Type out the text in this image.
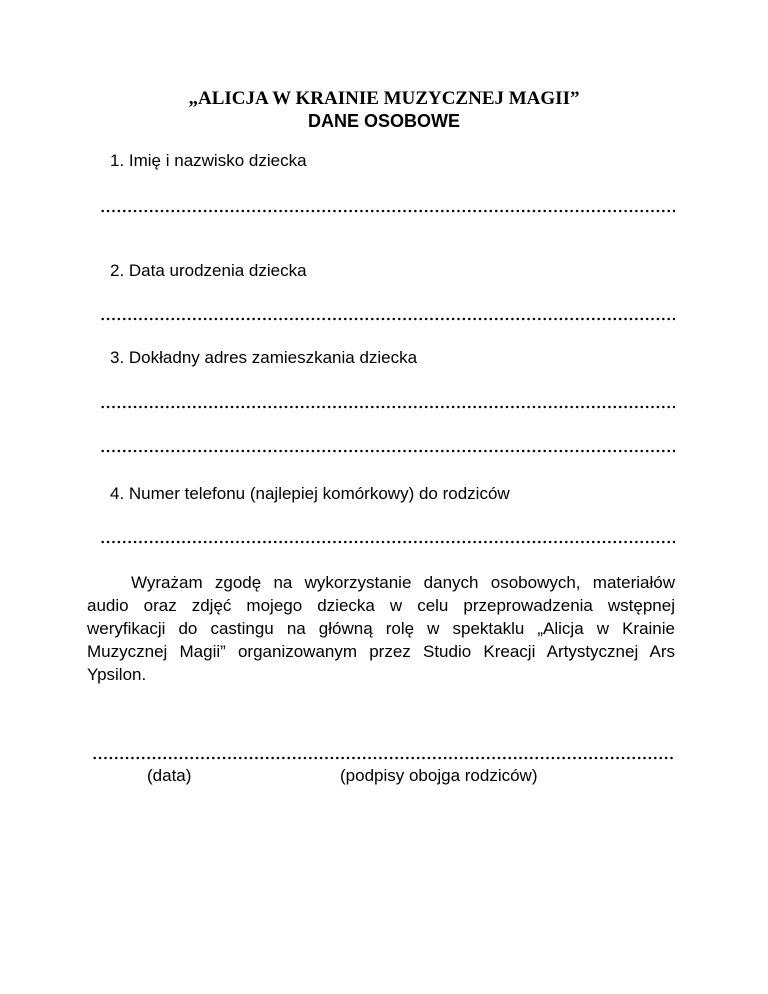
„ALICJA W KRAINIE MUZYCZNEJ MAGII”
DANE OSOBOWE
1. Imię i nazwisko dziecka
2. Data urodzenia dziecka
3. Dokładny adres zamieszkania dziecka
4. Numer telefonu (najlepiej komórkowy) do rodziców
Wyrażam zgodę na wykorzystanie danych osobowych, materiałów audio oraz zdjęć mojego dziecka w celu przeprowadzenia wstępnej weryfikacji do castingu na główną rolę w spektaklu „Alicja w Krainie Muzycznej Magii” organizowanym przez Studio Kreacji Artystycznej Ars Ypsilon.
(data)	(podpisy obojga rodziców)
